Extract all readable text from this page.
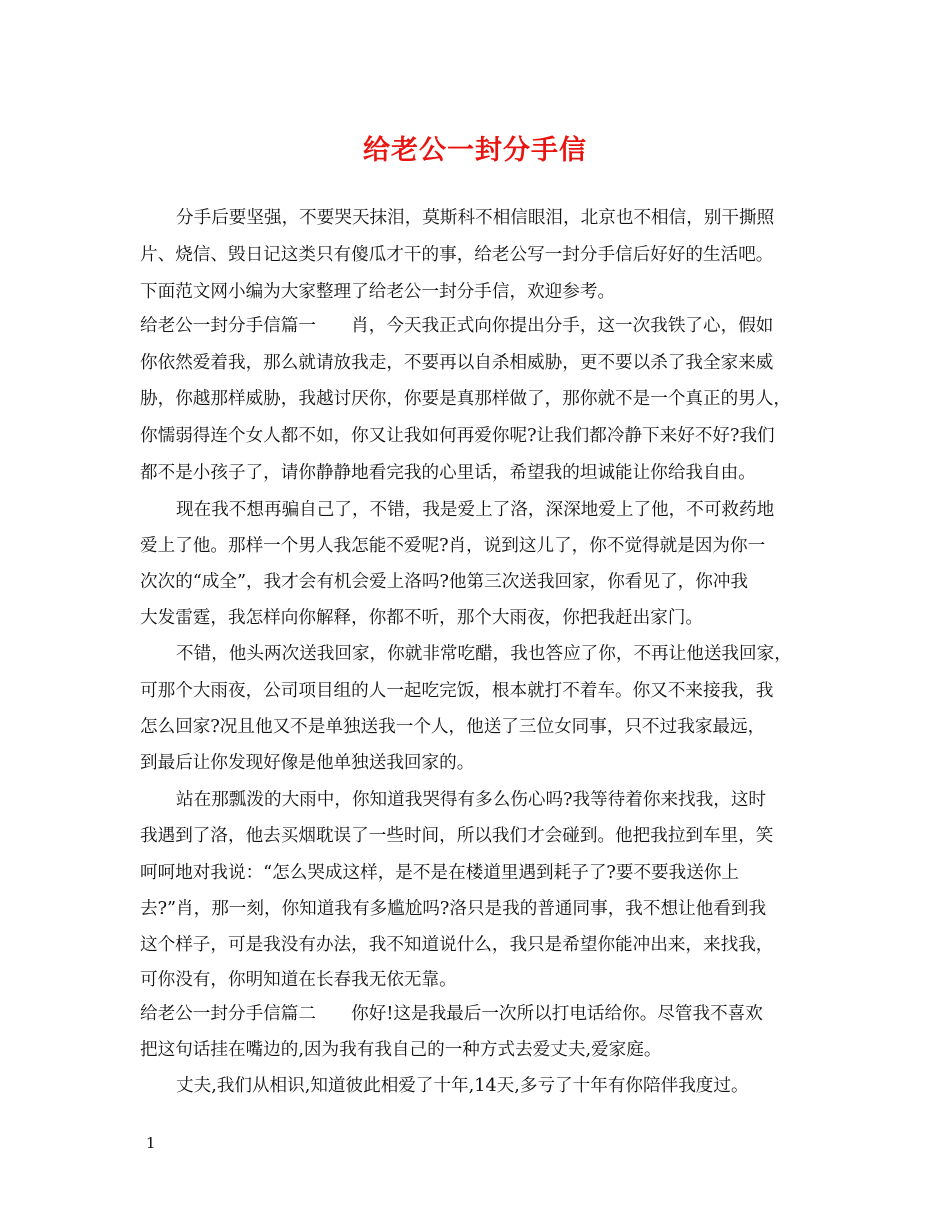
给老公一封分手信
分手后要坚强，不要哭天抹泪，莫斯科不相信眼泪，北京也不相信，别干撕照
片、烧信、毁日记这类只有傻瓜才干的事，给老公写一封分手信后好好的生活吧。
下面范文网小编为大家整理了给老公一封分手信，欢迎参考。
给老公一封分手信篇一　　肖，今天我正式向你提出分手，这一次我铁了心，假如
你依然爱着我，那么就请放我走，不要再以自杀相威胁，更不要以杀了我全家来威
胁，你越那样威胁，我越讨厌你，你要是真那样做了，那你就不是一个真正的男人，
你懦弱得连个女人都不如，你又让我如何再爱你呢?让我们都冷静下来好不好?我们
都不是小孩子了，请你静静地看完我的心里话，希望我的坦诚能让你给我自由。
现在我不想再骗自己了，不错，我是爱上了洛，深深地爱上了他，不可救药地
爱上了他。那样一个男人我怎能不爱呢?肖，说到这儿了，你不觉得就是因为你一
次次的“成全”，我才会有机会爱上洛吗?他第三次送我回家，你看见了，你冲我
大发雷霆，我怎样向你解释，你都不听，那个大雨夜，你把我赶出家门。
不错，他头两次送我回家，你就非常吃醋，我也答应了你，不再让他送我回家，
可那个大雨夜，公司项目组的人一起吃完饭，根本就打不着车。你又不来接我，我
怎么回家?况且他又不是单独送我一个人，他送了三位女同事，只不过我家最远，
到最后让你发现好像是他单独送我回家的。
站在那瓢泼的大雨中，你知道我哭得有多么伤心吗?我等待着你来找我，这时
我遇到了洛，他去买烟耽误了一些时间，所以我们才会碰到。他把我拉到车里，笑
呵呵地对我说：“怎么哭成这样，是不是在楼道里遇到耗子了?要不要我送你上
去?”肖，那一刻，你知道我有多尴尬吗?洛只是我的普通同事，我不想让他看到我
这个样子，可是我没有办法，我不知道说什么，我只是希望你能冲出来，来找我，
可你没有，你明知道在长春我无依无靠。
给老公一封分手信篇二　　你好!这是我最后一次所以打电话给你。尽管我不喜欢
把这句话挂在嘴边的,因为我有我自己的一种方式去爱丈夫,爱家庭。
丈夫,我们从相识,知道彼此相爱了十年,14天,多亏了十年有你陪伴我度过。
1
